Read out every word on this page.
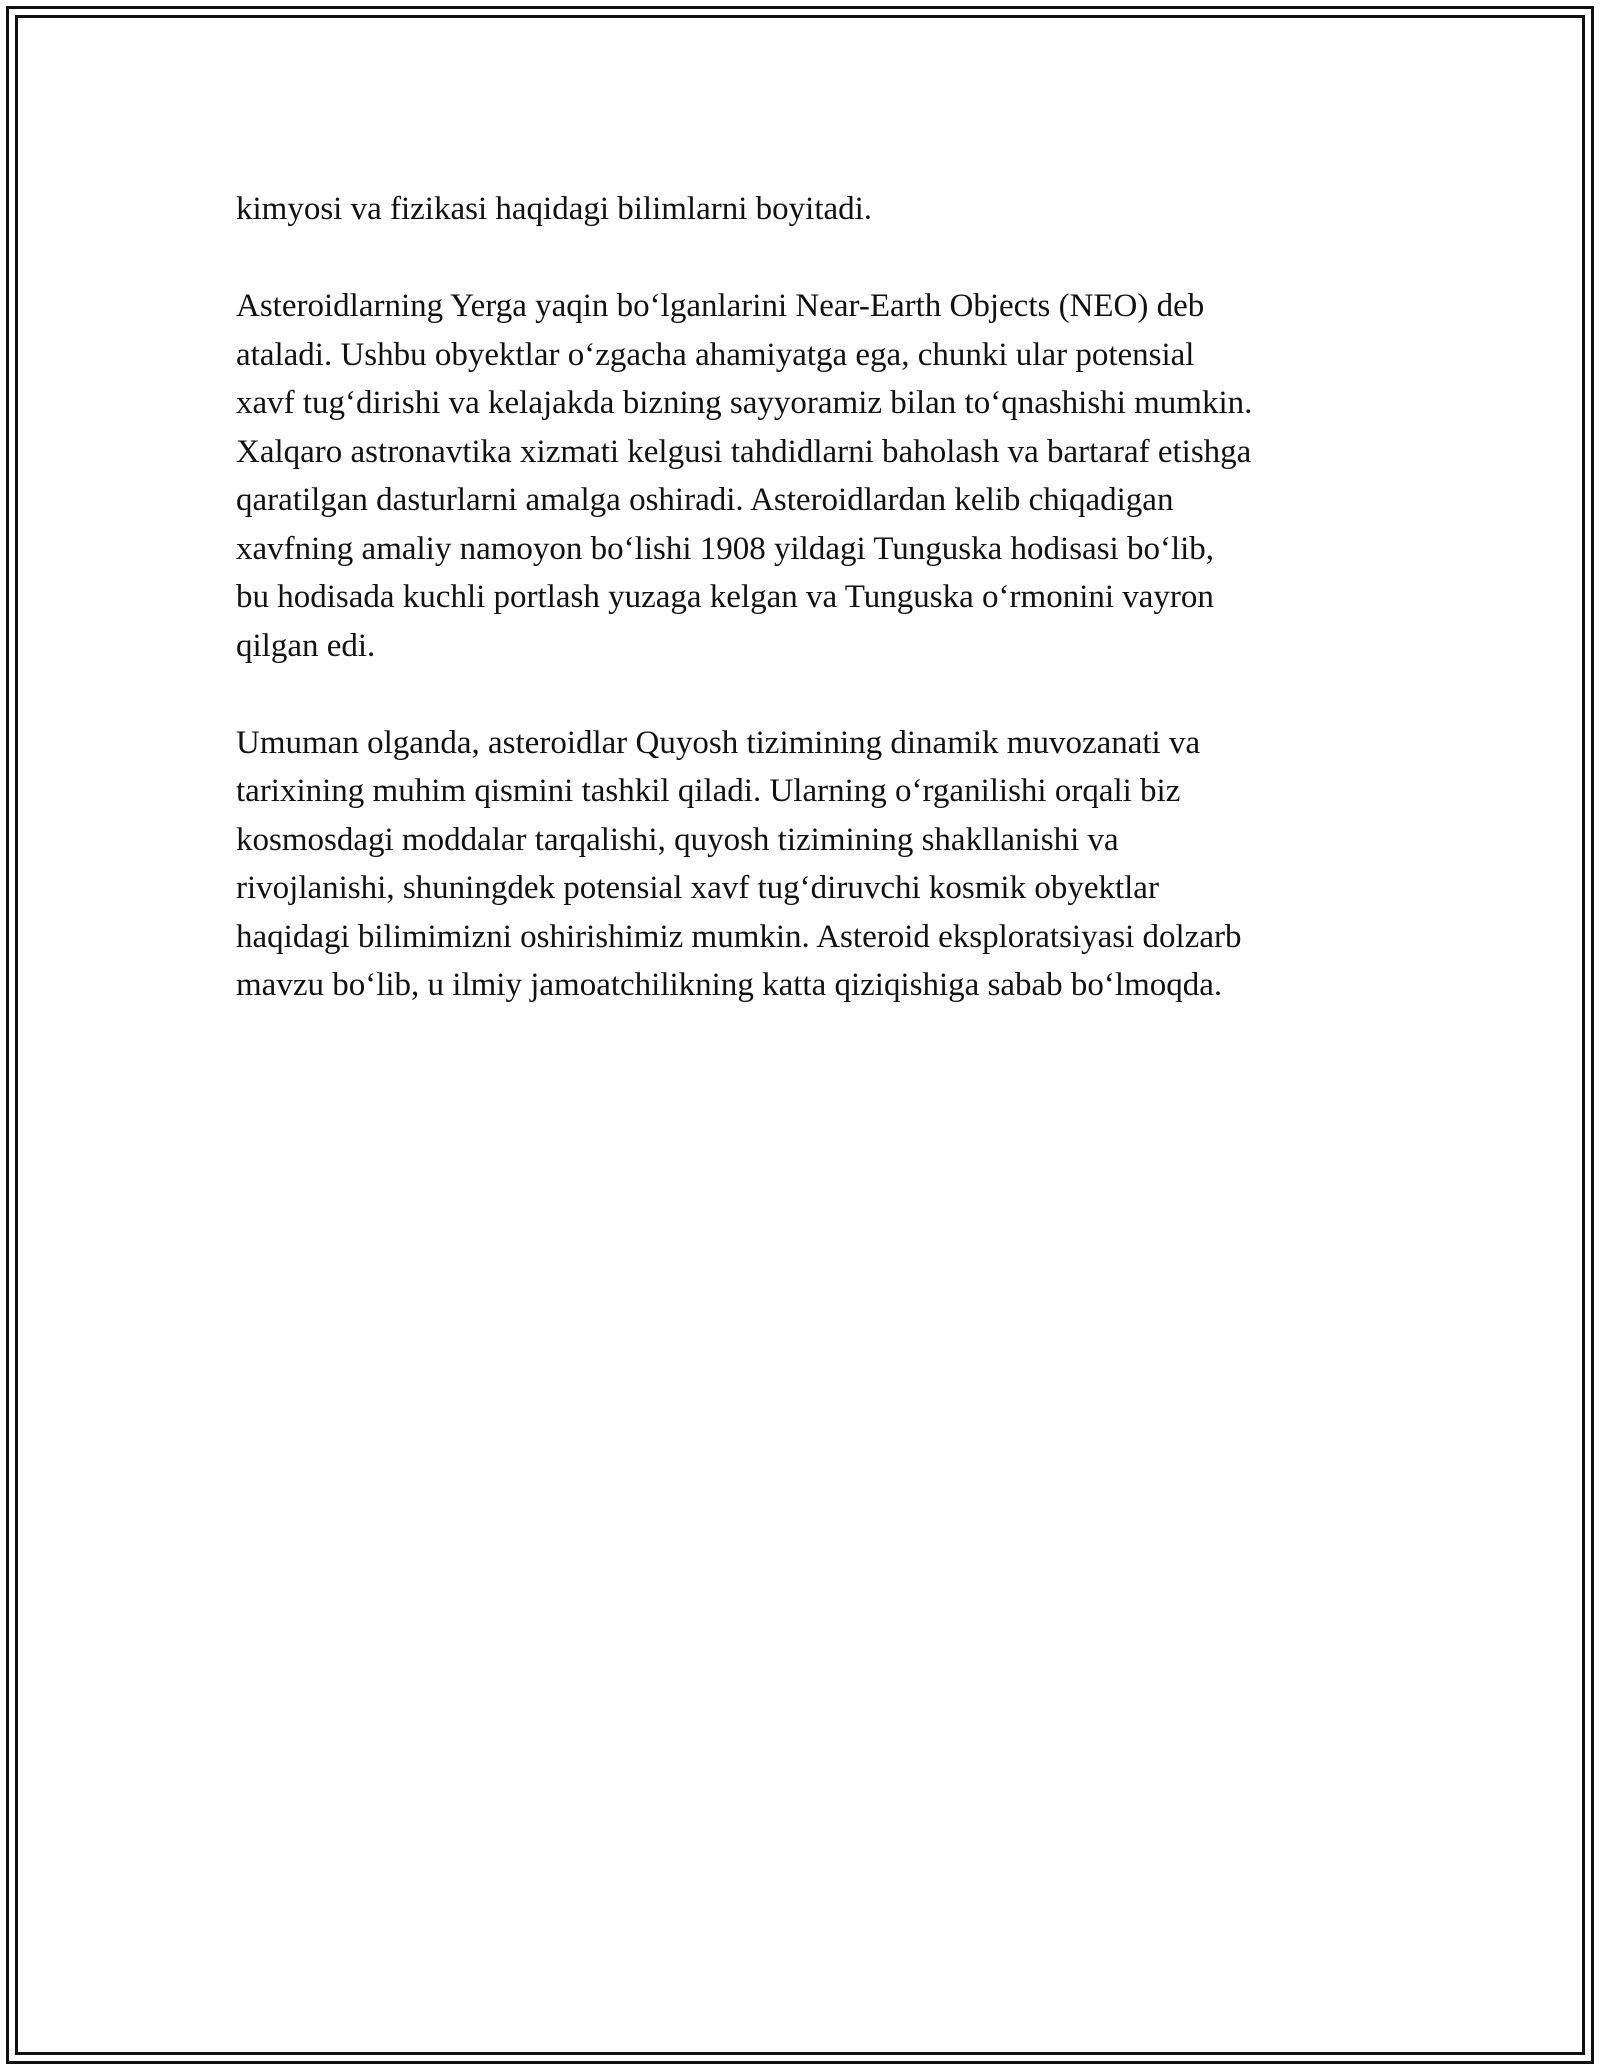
kimyosi va fizikasi haqidagi bilimlarni boyitadi.

Asteroidlarning Yerga yaqin bo‘lganlarini Near-Earth Objects (NEO) deb
ataladi. Ushbu obyektlar o‘zgacha ahamiyatga ega, chunki ular potensial
xavf tug‘dirishi va kelajakda bizning sayyoramiz bilan to‘qnashishi mumkin.
Xalqaro astronavtika xizmati kelgusi tahdidlarni baholash va bartaraf etishga
qaratilgan dasturlarni amalga oshiradi. Asteroidlardan kelib chiqadigan
xavfning amaliy namoyon bo‘lishi 1908 yildagi Tunguska hodisasi bo‘lib,
bu hodisada kuchli portlash yuzaga kelgan va Tunguska o‘rmonini vayron
qilgan edi.

Umuman olganda, asteroidlar Quyosh tizimining dinamik muvozanati va
tarixining muhim qismini tashkil qiladi. Ularning o‘rganilishi orqali biz
kosmosdagi moddalar tarqalishi, quyosh tizimining shakllanishi va
rivojlanishi, shuningdek potensial xavf tug‘diruvchi kosmik obyektlar
haqidagi bilimimizni oshirishimiz mumkin. Asteroid eksploratsiyasi dolzarb
mavzu bo‘lib, u ilmiy jamoatchilikning katta qiziqishiga sabab bo‘lmoqda.
